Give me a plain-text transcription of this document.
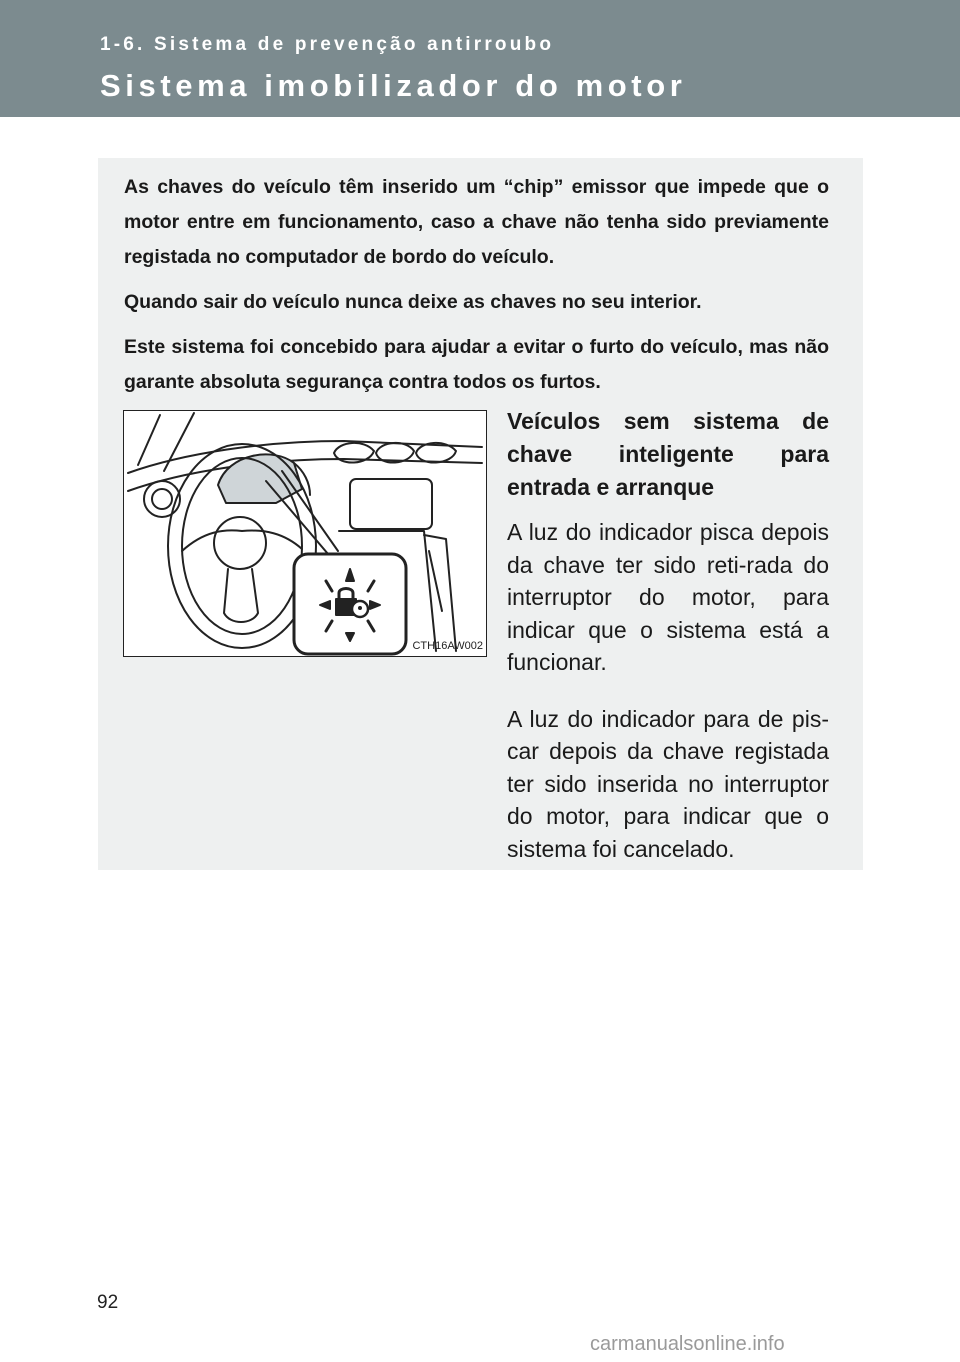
1-6. Sistema de prevenção antirroubo
Sistema imobilizador do motor

As chaves do veículo têm inserido um “chip” emissor que impede que o motor entre em funcionamento, caso a chave não tenha sido previamente registada no computador de bordo do veículo.

Quando sair do veículo nunca deixe as chaves no seu interior.

Este sistema foi concebido para ajudar a evitar o furto do veículo, mas não garante absoluta segurança contra todos os furtos.

CTH16AW002
Veículos sem sistema de chave inteligente para entrada e arranque

A luz do indicador pisca depois da chave ter sido reti-rada do interruptor do motor, para indicar que o sistema está a funcionar.

A luz do indicador para de pis-car depois da chave registada ter sido inserida no interruptor do motor, para indicar que o sistema foi cancelado.

92
carmanualsonline.info
